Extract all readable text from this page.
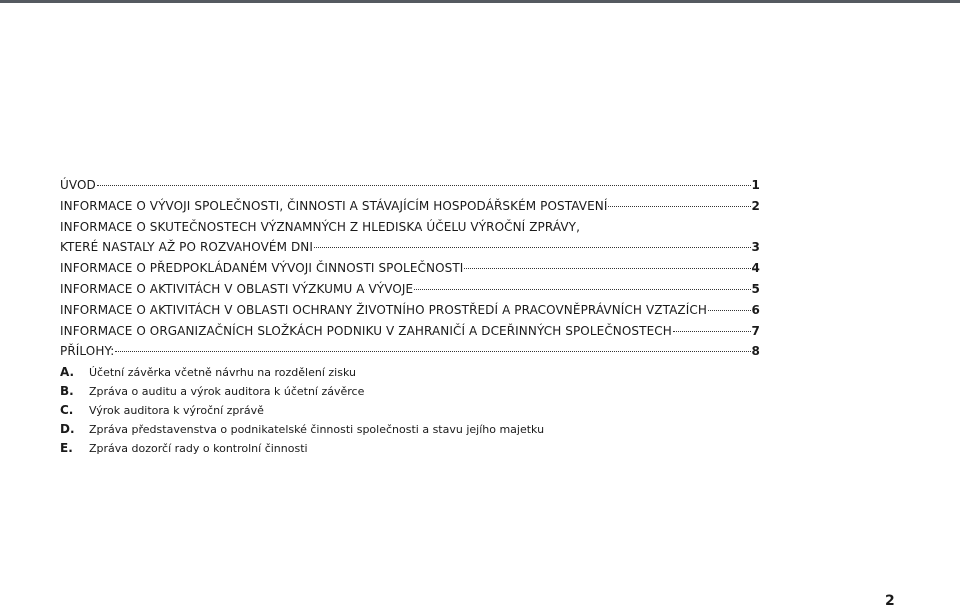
ÚVOD	1
INFORMACE O VÝVOJI SPOLEČNOSTI, ČINNOSTI A STÁVAJÍCÍM HOSPODÁŘSKÉM POSTAVENÍ	2
INFORMACE O SKUTEČNOSTECH VÝZNAMNÝCH Z HLEDISKA ÚČELU VÝROČNÍ ZPRÁVY,
KTERÉ NASTALY AŽ PO ROZVAHOVÉM DNI	3
INFORMACE O PŘEDPOKLÁDANÉM VÝVOJI ČINNOSTI SPOLEČNOSTI	4
INFORMACE O AKTIVITÁCH V OBLASTI VÝZKUMU A VÝVOJE	5
INFORMACE O AKTIVITÁCH V OBLASTI OCHRANY ŽIVOTNÍHO PROSTŘEDÍ A PRACOVNĚPRÁVNÍCH VZTAZÍCH	6
INFORMACE O ORGANIZAČNÍCH SLOŽKÁCH PODNIKU V ZAHRANIČÍ A DCEŘINNÝCH SPOLEČNOSTECH	7
PŘÍLOHY:	8
A.	Účetní závěrka včetně návrhu na rozdělení zisku
B.	Zpráva o auditu a výrok auditora k účetní závěrce
C.	Výrok auditora k výroční zprávě
D.	Zpráva představenstva o podnikatelské činnosti společnosti a stavu jejího majetku
E.	Zpráva dozorčí rady o kontrolní činnosti
2
